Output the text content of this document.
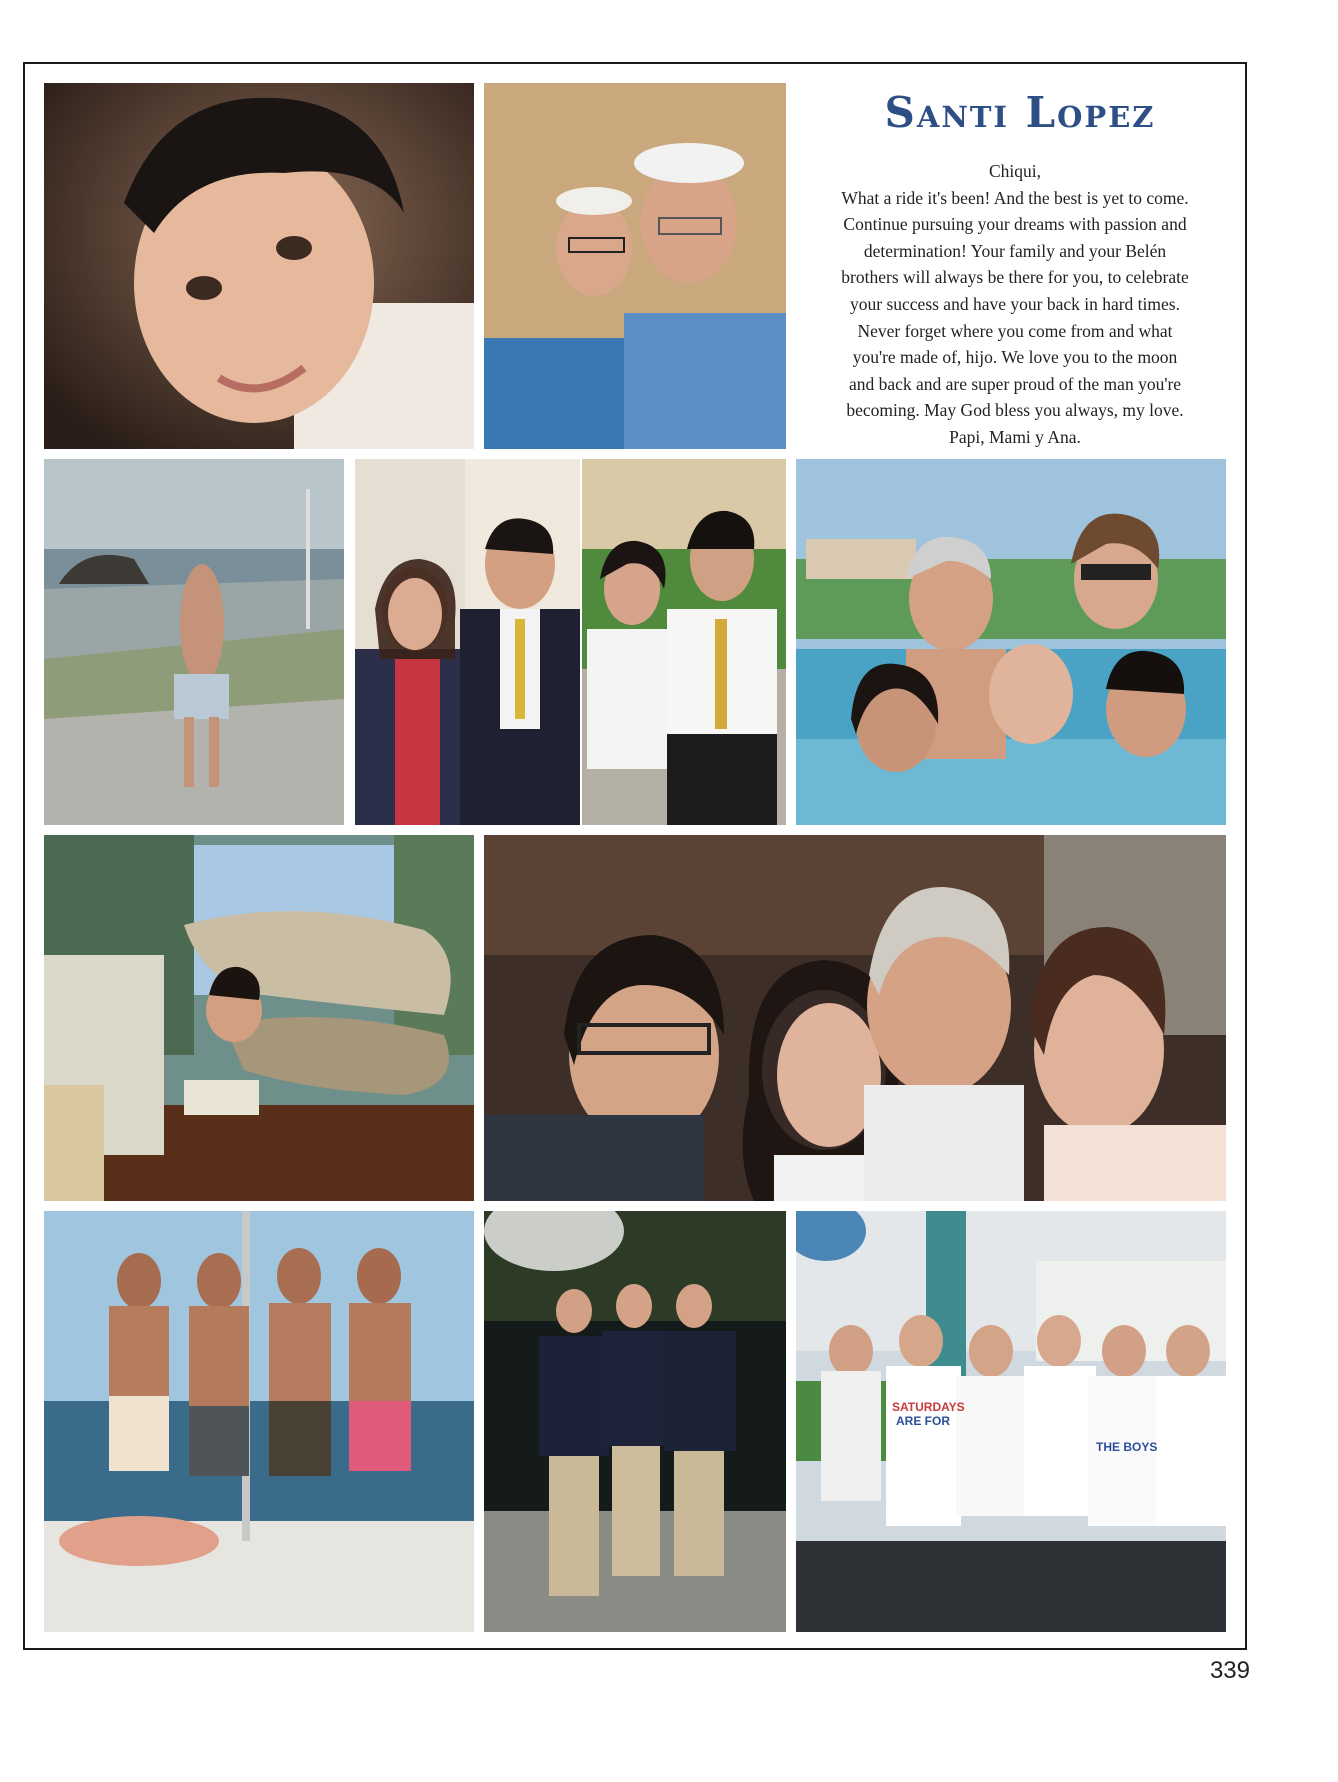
SATURDAYS
ARE FOR
THE BOYS
Santi Lopez

Chiqui,

What a ride it's been! And the best is yet to come.

Continue pursuing your dreams with passion and

determination! Your family and your Belén

brothers will always be there for you, to celebrate

your success and have your back in hard times.

Never forget where you come from and what

you're made of, hijo. We love you to the moon

and back and are super proud of the man you're

becoming. May God bless you always, my love.

Papi, Mami y Ana.

339
